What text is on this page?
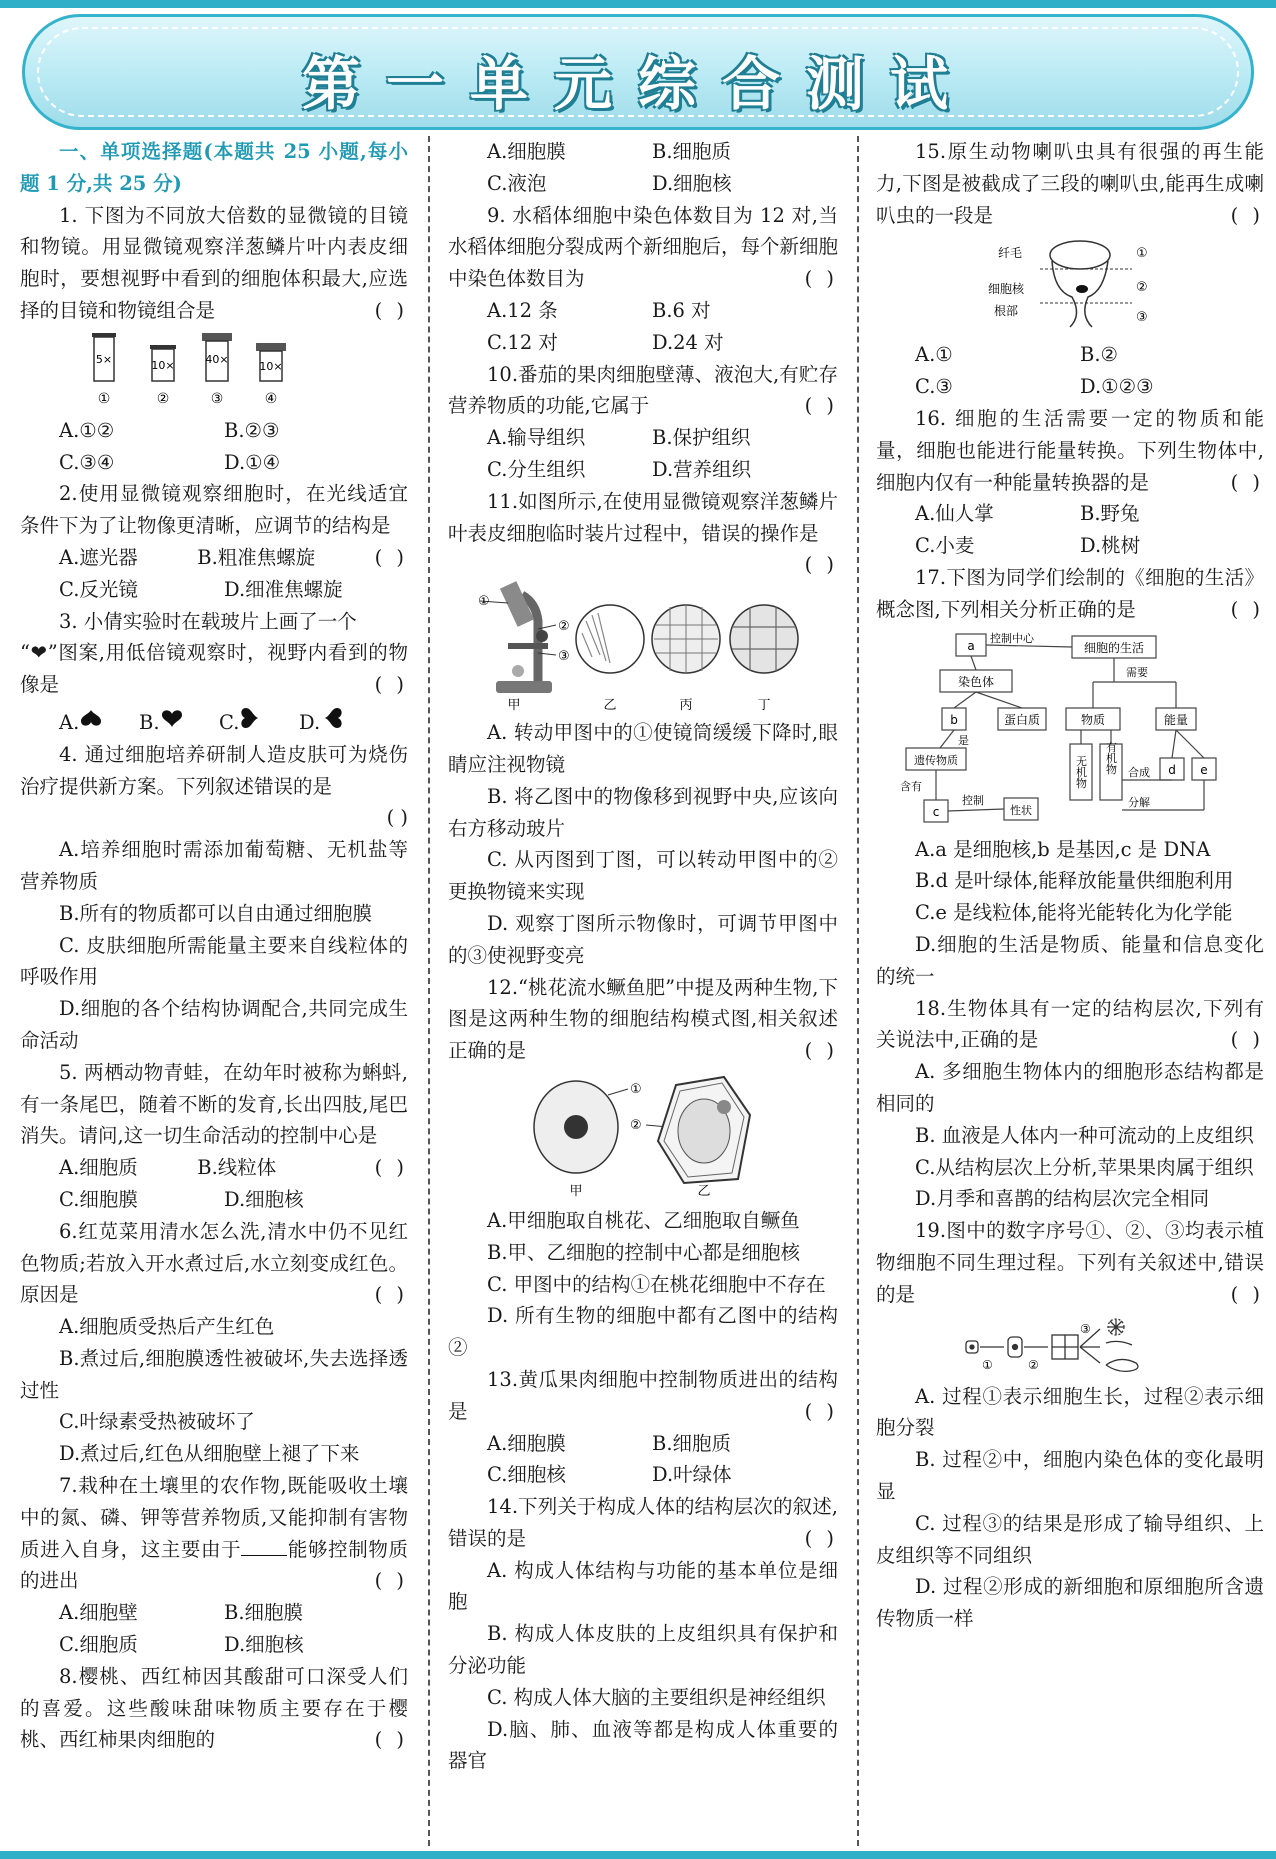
第一单元综合测试

一、单项选择题(本题共 25 小题,每小题 1 分,共 25 分)

1. 下图为不同放大倍数的显微镜的目镜和物镜。用显微镜观察洋葱鳞片叶内表皮细胞时，要想视野中看到的细胞体积最大,应选择的目镜和物镜组合是	( )

5×	10×	40×
10×
①	②	③	④
A.①②	B.②③
C.③④	D.①④

2.使用显微镜观察细胞时，在光线适宜条件下为了让物像更清晰，应调节的结构是
( )

A.遮光器	B.粗准焦螺旋
C.反光镜	D.细准焦螺旋

3. 小倩实验时在载玻片上画了一个

“❤”图案,用低倍镜观察时，视野内看到的物像是	( )

A.	B.	C.	D.

4. 通过细胞培养研制人造皮肤可为烧伤治疗提供新方案。下列叙述错误的是

( )

A.培养细胞时需添加葡萄糖、无机盐等营养物质

B.所有的物质都可以自由通过细胞膜

C. 皮肤细胞所需能量主要来自线粒体的呼吸作用

D.细胞的各个结构协调配合,共同完成生命活动

5. 两栖动物青蛙，在幼年时被称为蝌蚪,有一条尾巴，随着不断的发育,长出四肢,尾巴消失。请问,这一切生命活动的控制中心是
( )

A.细胞质	B.线粒体
C.细胞膜	D.细胞核

6.红苋菜用清水怎么洗,清水中仍不见红色物质;若放入开水煮过后,水立刻变成红色。原因是	( )

A.细胞质受热后产生红色

B.煮过后,细胞膜透性被破坏,失去选择透过性

C.叶绿素受热被破坏了

D.煮过后,红色从细胞壁上褪了下来

7.栽种在土壤里的农作物,既能吸收土壤中的氮、磷、钾等营养物质,又能抑制有害物质进入自身，这主要由于 能够控制物质的进出	( )

A.细胞壁	B.细胞膜
C.细胞质	D.细胞核

8.樱桃、西红柿因其酸甜可口深受人们的喜爱。这些酸味甜味物质主要存在于樱桃、西红柿果肉细胞的	( )

A.细胞膜	B.细胞质
C.液泡	D.细胞核

9. 水稻体细胞中染色体数目为 12 对,当水稻体细胞分裂成两个新细胞后，每个新细胞中染色体数目为	( )

A.12 条	B.6 对
C.12 对	D.24 对

10.番茄的果肉细胞壁薄、液泡大,有贮存营养物质的功能,它属于	( )

A.输导组织	B.保护组织
C.分生组织	D.营养组织

11.如图所示,在使用显微镜观察洋葱鳞片叶表皮细胞临时装片过程中，错误的操作是
( )

①
②
③
甲	乙	丙	丁

A. 转动甲图中的①使镜筒缓缓下降时,眼睛应注视物镜

B. 将乙图中的物像移到视野中央,应该向右方移动玻片

C. 从丙图到丁图，可以转动甲图中的②更换物镜来实现

D. 观察丁图所示物像时，可调节甲图中的③使视野变亮

12.“桃花流水鳜鱼肥”中提及两种生物,下图是这两种生物的细胞结构模式图,相关叙述正确的是	( )

①
②
甲	乙

A.甲细胞取自桃花、乙细胞取自鳜鱼

B.甲、乙细胞的控制中心都是细胞核

C. 甲图中的结构①在桃花细胞中不存在

D. 所有生物的细胞中都有乙图中的结构②

13.黄瓜果肉细胞中控制物质进出的结构是	( )

A.细胞膜	B.细胞质
C.细胞核	D.叶绿体

14.下列关于构成人体的结构层次的叙述,错误的是	( )

A. 构成人体结构与功能的基本单位是细胞

B. 构成人体皮肤的上皮组织具有保护和分泌功能

C. 构成人体大脑的主要组织是神经组织

D.脑、肺、血液等都是构成人体重要的器官

15.原生动物喇叭虫具有很强的再生能力,下图是被截成了三段的喇叭虫,能再生成喇叭虫的一段是	( )

纤毛
细胞核
根部
①
②
③
A.①	B.②
C.③	D.①②③

16. 细胞的生活需要一定的物质和能量，细胞也能进行能量转换。下列生物体中,细胞内仅有一种能量转换器的是	( )

A.仙人掌	B.野兔
C.小麦	D.桃树

17.下图为同学们绘制的《细胞的生活》概念图,下列相关分析正确的是	( )

a
控制中心
细胞的生活
染色体
需要
b	蛋白质	物质	能量
是
遗传物质	无机物 有机物	d e
含有
c
控制
性状
合成
分解

A.a 是细胞核,b 是基因,c 是 DNA

B.d 是叶绿体,能释放能量供细胞利用

C.e 是线粒体,能将光能转化为化学能

D.细胞的生活是物质、能量和信息变化的统一

18.生物体具有一定的结构层次,下列有关说法中,正确的是	( )

A. 多细胞生物体内的细胞形态结构都是相同的

B. 血液是人体内一种可流动的上皮组织

C.从结构层次上分析,苹果果肉属于组织

D.月季和喜鹊的结构层次完全相同

19.图中的数字序号①、②、③均表示植物细胞不同生理过程。下列有关叙述中,错误的是	( )

①	②
③

A. 过程①表示细胞生长，过程②表示细胞分裂

B. 过程②中，细胞内染色体的变化最明显

C. 过程③的结果是形成了输导组织、上皮组织等不同组织

D. 过程②形成的新细胞和原细胞所含遗传物质一样
